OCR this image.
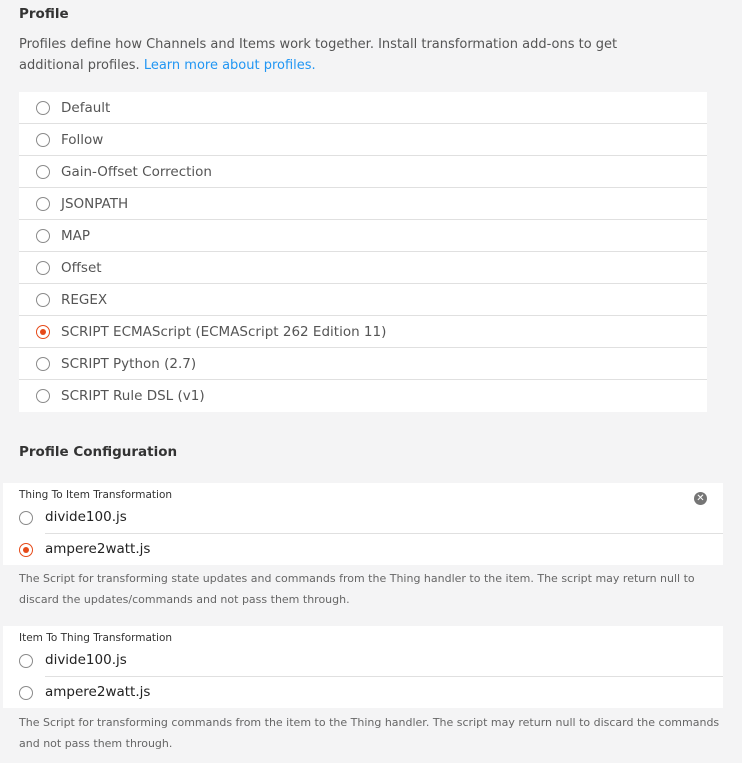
Profile
Profiles define how Channels and Items work together. Install transformation add-ons to get additional profiles. Learn more about profiles.
Default
Follow
Gain-Offset Correction
JSONPATH
MAP
Offset
REGEX
SCRIPT ECMAScript (ECMAScript 262 Edition 11)
SCRIPT Python (2.7)
SCRIPT Rule DSL (v1)
Profile Configuration
Thing To Item Transformation	✕
divide100.js
ampere2watt.js
The Script for transforming state updates and commands from the Thing handler to the item. The script may return null to discard the updates/commands and not pass them through.
Item To Thing Transformation
divide100.js
ampere2watt.js
The Script for transforming commands from the item to the Thing handler. The script may return null to discard the commands and not pass them through.
